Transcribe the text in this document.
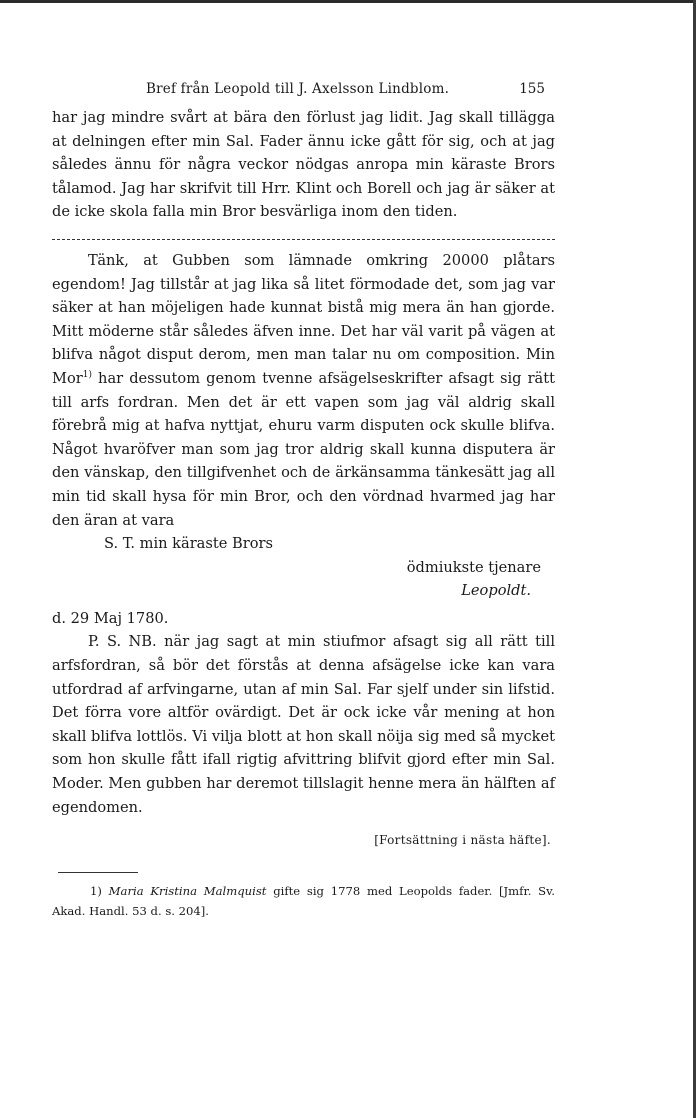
Bref från Leopold till J. Axelsson Lindblom.	155

har jag mindre svårt at bära den förlust jag lidit. Jag skall tillägga at delningen efter min Sal. Fader ännu icke gått för sig, och at jag således ännu för några veckor nödgas anropa min käraste Brors tålamod. Jag har skrifvit till Hrr. Klint och Borell och jag är säker at de icke skola falla min Bror besvärliga inom den tiden.

Tänk, at Gubben som lämnade omkring 20000 plåtars egendom! Jag tillstår at jag lika så litet förmodade det, som jag var säker at han möjeligen hade kunnat bistå mig mera än han gjorde. Mitt möderne står således äfven inne. Det har väl varit på vägen at blifva något disput derom, men man talar nu om composition. Min Mor$^{1)}$ har dessutom genom tvenne afsägelseskrifter afsagt sig rätt till arfs fordran. Men det är ett vapen som jag väl aldrig skall förebrå mig at hafva nyttjat, ehuru varm disputen ock skulle blifva. Något hvaröfver man som jag tror aldrig skall kunna disputera är den vänskap, den tillgifvenhet och de ärkänsamma tänkesätt jag all min tid skall hysa för min Bror, och den vördnad hvarmed jag har den äran at vara

S. T. min käraste Brors

ödmiukste tjenare

Leopoldt.

d. 29 Maj 1780.

P. S. NB. när jag sagt at min stiufmor afsagt sig all rätt till arfsfordran, så bör det förstås at denna afsägelse icke kan vara utfordrad af arfvingarne, utan af min Sal. Far sjelf under sin lifstid. Det förra vore altför ovärdigt. Det är ock icke vår mening at hon skall blifva lottlös. Vi vilja blott at hon skall nöija sig med så mycket som hon skulle fått ifall rigtig afvittring blifvit gjord efter min Sal. Moder. Men gubben har deremot tillslagit henne mera än hälften af egendomen.

[Fortsättning i nästa häfte].

1) Maria Kristina Malmquist gifte sig 1778 med Leopolds fader. [Jmfr. Sv. Akad. Handl. 53 d. s. 204].
